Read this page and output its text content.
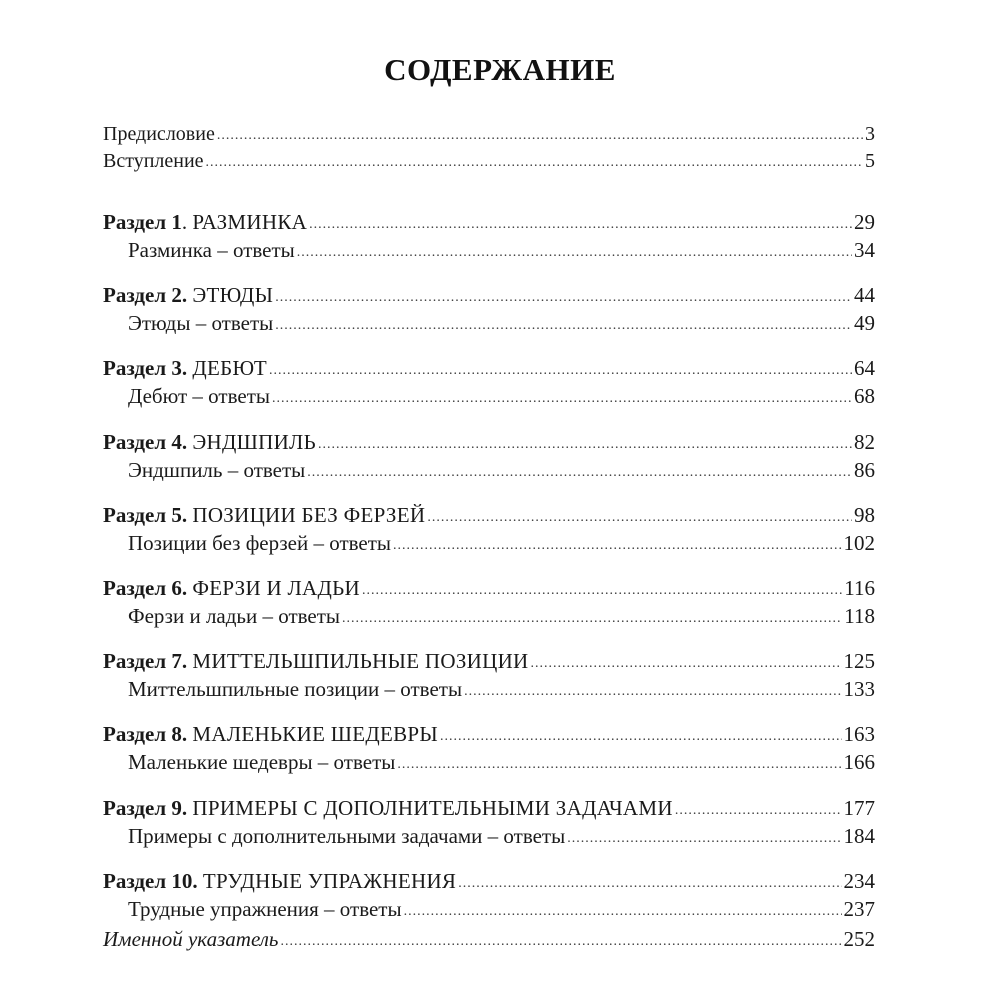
СОДЕРЖАНИЕ
Предисловие .....	3
Вступление .....	5
Раздел 1. РАЗМИНКА .....	29
Разминка – ответы .....	34
Раздел 2. ЭТЮДЫ .....	44
Этюды – ответы .....	49
Раздел 3. ДЕБЮТ .....	64
Дебют – ответы .....	68
Раздел 4. ЭНДШПИЛЬ .....	82
Эндшпиль – ответы .....	86
Раздел 5. ПОЗИЦИИ БЕЗ ФЕРЗЕЙ .....	98
Позиции без ферзей – ответы .....	102
Раздел 6. ФЕРЗИ И ЛАДЬИ .....	116
Ферзи и ладьи – ответы .....	118
Раздел 7. МИТТЕЛЬШПИЛЬНЫЕ ПОЗИЦИИ .....	125
Миттельшпильные позиции – ответы .....	133
Раздел 8. МАЛЕНЬКИЕ ШЕДЕВРЫ .....	163
Маленькие шедевры – ответы .....	166
Раздел 9. ПРИМЕРЫ С ДОПОЛНИТЕЛЬНЫМИ ЗАДАЧАМИ .....	177
Примеры с дополнительными задачами – ответы .....	184
Раздел 10. ТРУДНЫЕ УПРАЖНЕНИЯ .....	234
Трудные упражнения – ответы .....	237
Именной указатель .....	252
